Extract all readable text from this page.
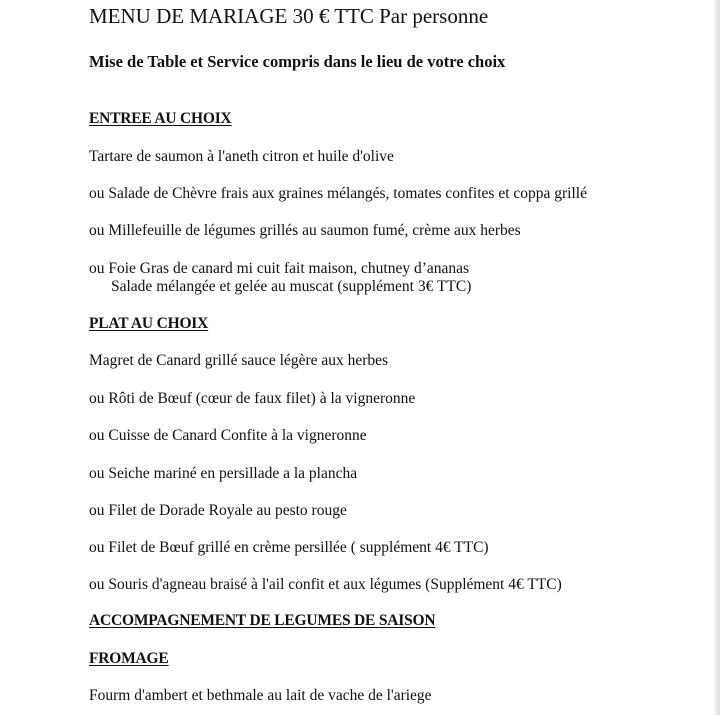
MENU DE MARIAGE 30 € TTC Par personne
Mise de Table et Service compris dans le lieu de votre choix
ENTREE AU CHOIX
Tartare de saumon à l'aneth citron et huile d'olive
ou Salade de Chèvre frais aux graines mélangés, tomates confites et coppa grillé
ou Millefeuille de légumes grillés au saumon fumé, crème aux herbes
ou Foie Gras de canard mi cuit fait maison, chutney d’ananas
Salade mélangée et gelée au muscat (supplément 3€ TTC)
PLAT AU CHOIX
Magret de Canard grillé sauce légère aux herbes
ou Rôti de Bœuf (cœur de faux filet) à la vigneronne
ou Cuisse de Canard Confite à la vigneronne
ou Seiche mariné en persillade a la plancha
ou Filet de Dorade Royale au pesto rouge
ou Filet de Bœuf grillé en crème persillée ( supplément 4€ TTC)
ou Souris d'agneau braisé à l'ail confit et aux légumes (Supplément 4€ TTC)
ACCOMPAGNEMENT DE LEGUMES DE SAISON
FROMAGE
Fourm d'ambert et bethmale au lait de vache de l'ariege
